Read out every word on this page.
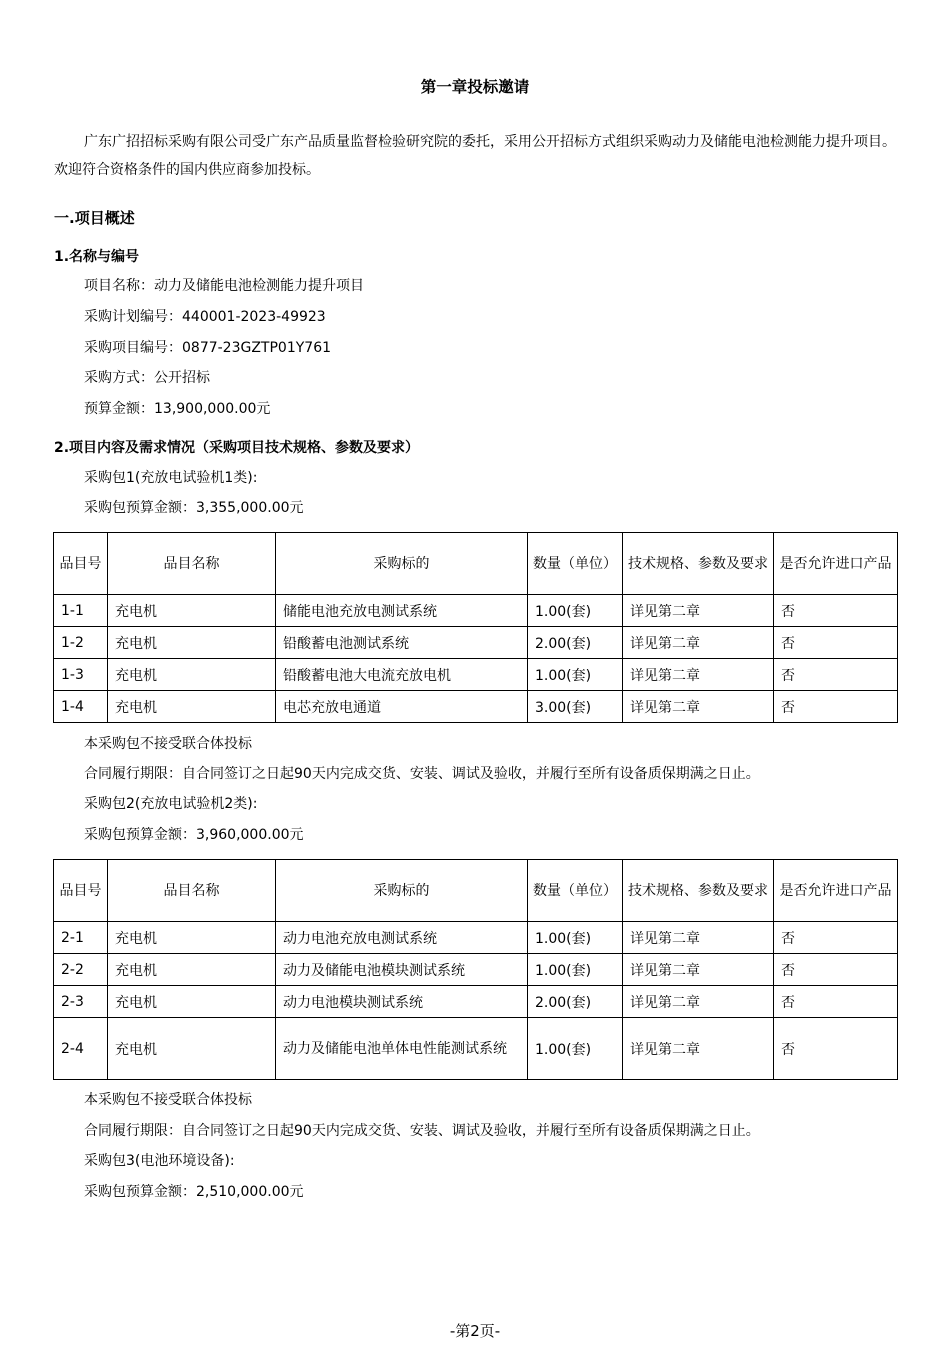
第一章投标邀请
广东广招招标采购有限公司受广东产品质量监督检验研究院的委托，采用公开招标方式组织采购动力及储能电池检测能力提升项目。欢迎符合资格条件的国内供应商参加投标。
一.项目概述
1.名称与编号
项目名称：动力及储能电池检测能力提升项目
采购计划编号：440001-2023-49923
采购项目编号：0877-23GZTP01Y761
采购方式：公开招标
预算金额：13,900,000.00元
2.项目内容及需求情况（采购项目技术规格、参数及要求）
采购包1(充放电试验机1类):
采购包预算金额：3,355,000.00元
品目号	品目名称	采购标的	数量（单位）	技术规格、参数及要求	是否允许进口产品
1-1	充电机	储能电池充放电测试系统	1.00(套)	详见第二章	否
1-2	充电机	铅酸蓄电池测试系统	2.00(套)	详见第二章	否
1-3	充电机	铅酸蓄电池大电流充放电机	1.00(套)	详见第二章	否
1-4	充电机	电芯充放电通道	3.00(套)	详见第二章	否
本采购包不接受联合体投标
合同履行期限：自合同签订之日起90天内完成交货、安装、调试及验收，并履行至所有设备质保期满之日止。
采购包2(充放电试验机2类):
采购包预算金额：3,960,000.00元
品目号	品目名称	采购标的	数量（单位）	技术规格、参数及要求	是否允许进口产品
2-1	充电机	动力电池充放电测试系统	1.00(套)	详见第二章	否
2-2	充电机	动力及储能电池模块测试系统	1.00(套)	详见第二章	否
2-3	充电机	动力电池模块测试系统	2.00(套)	详见第二章	否
2-4	充电机	动力及储能电池单体电性能测试系统	1.00(套)	详见第二章	否
本采购包不接受联合体投标
合同履行期限：自合同签订之日起90天内完成交货、安装、调试及验收，并履行至所有设备质保期满之日止。
采购包3(电池环境设备):
采购包预算金额：2,510,000.00元
-第2页-
